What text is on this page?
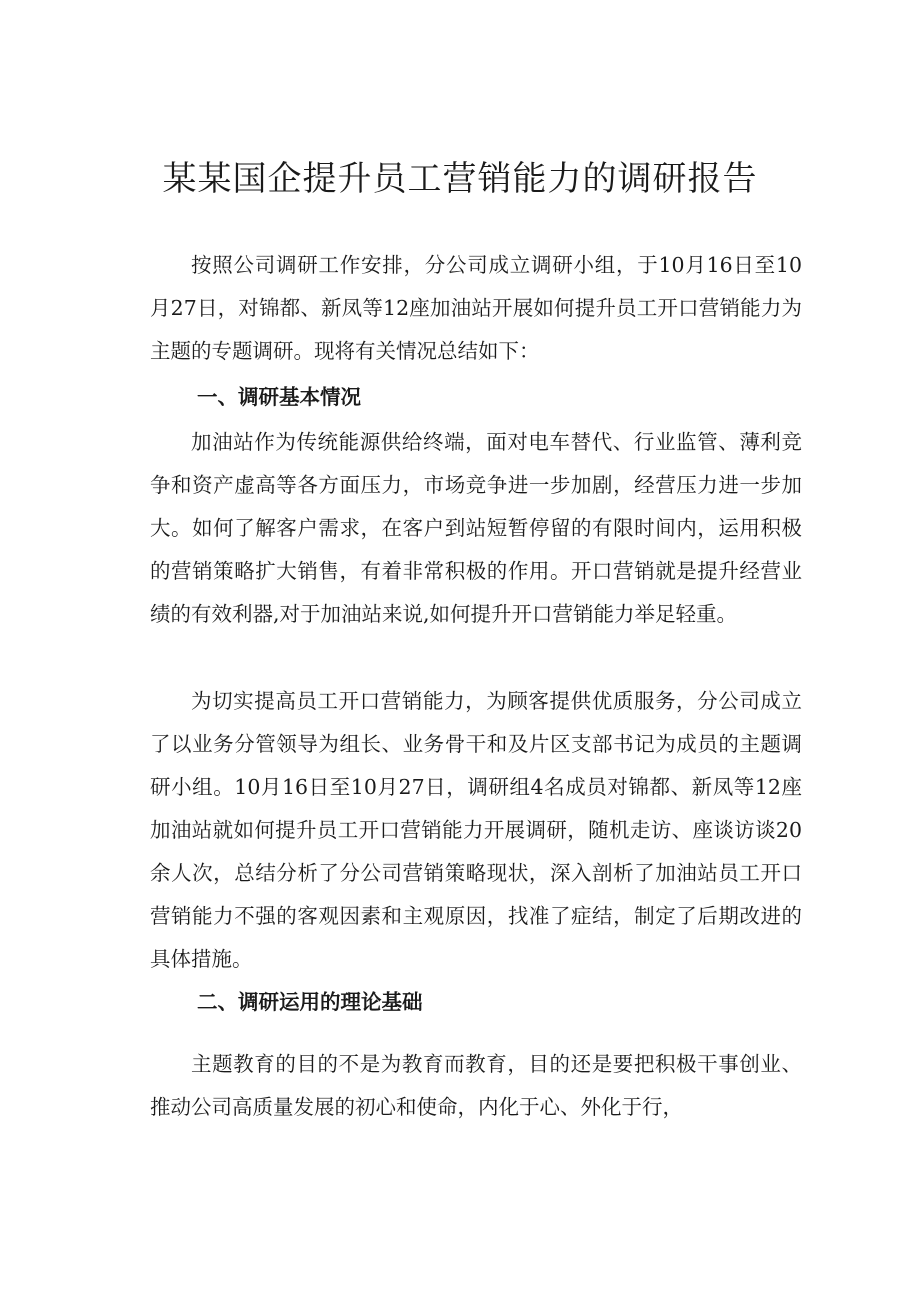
某某国企提升员工营销能力的调研报告

按照公司调研工作安排，分公司成立调研小组，于10月16日至10月27日，对锦都、新凤等12座加油站开展如何提升员工开口营销能力为主题的专题调研。现将有关情况总结如下：

一、调研基本情况

加油站作为传统能源供给终端，面对电车替代、行业监管、薄利竞争和资产虚高等各方面压力，市场竞争进一步加剧，经营压力进一步加大。如何了解客户需求，在客户到站短暂停留的有限时间内，运用积极的营销策略扩大销售，有着非常积极的作用。开口营销就是提升经营业绩的有效利器,对于加油站来说,如何提升开口营销能力举足轻重。

为切实提高员工开口营销能力，为顾客提供优质服务，分公司成立了以业务分管领导为组长、业务骨干和及片区支部书记为成员的主题调研小组。10月16日至10月27日，调研组4名成员对锦都、新凤等12座加油站就如何提升员工开口营销能力开展调研，随机走访、座谈访谈20余人次，总结分析了分公司营销策略现状，深入剖析了加油站员工开口营销能力不强的客观因素和主观原因，找准了症结，制定了后期改进的具体措施。

二、调研运用的理论基础

主题教育的目的不是为教育而教育，目的还是要把积极干事创业、推动公司高质量发展的初心和使命，内化于心、外化于行，
